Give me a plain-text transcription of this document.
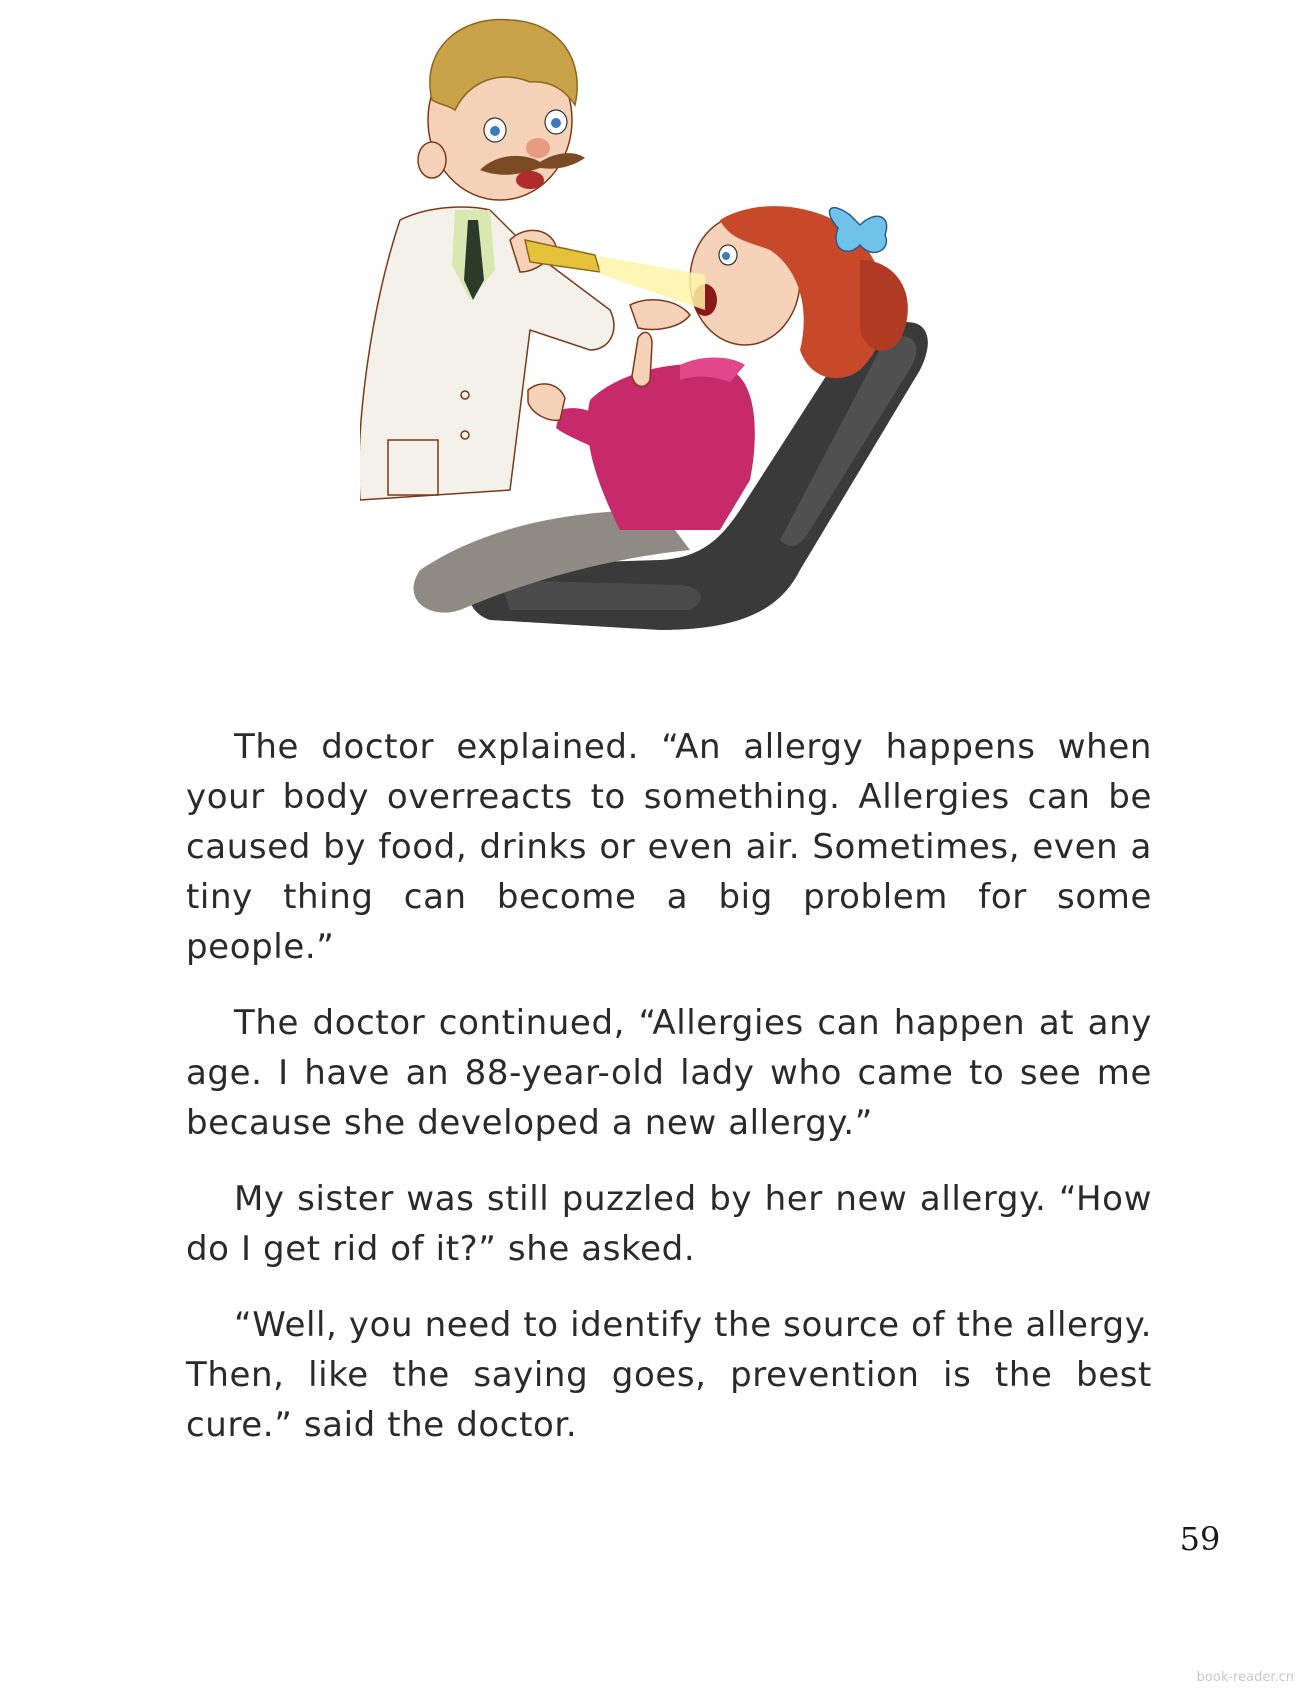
The doctor explained. “An allergy happens when your body overreacts to something. Allergies can be caused by food, drinks or even air. Sometimes, even a tiny thing can become a big problem for some people.”

The doctor continued, “Allergies can happen at any age. I have an 88-year-old lady who came to see me because she developed a new allergy.”

My sister was still puzzled by her new allergy. “How do I get rid of it?” she asked.

“Well, you need to identify the source of the allergy. Then, like the saying goes, prevention is the best cure.” said the doctor.

59
book-reader.cn
